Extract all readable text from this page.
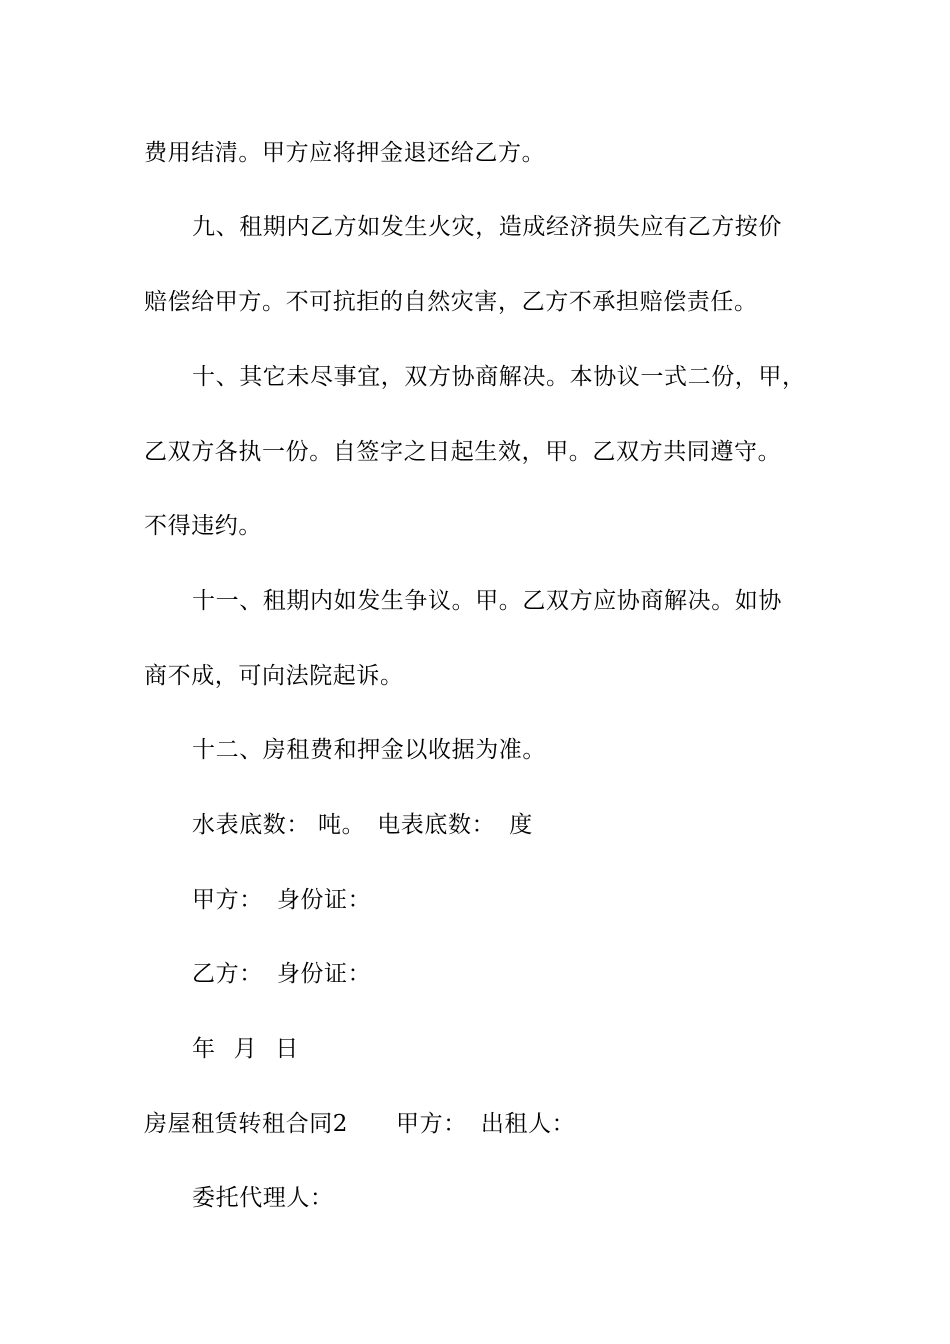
费用结清。甲方应将押金退还给乙方。
九、租期内乙方如发生火灾，造成经济损失应有乙方按价
赔偿给甲方。不可抗拒的自然灾害，乙方不承担赔偿责任。
十、其它未尽事宜，双方协商解决。本协议一式二份，甲，
乙双方各执一份。自签字之日起生效，甲。乙双方共同遵守。
不得违约。
十一、租期内如发生争议。甲。乙双方应协商解决。如协
商不成，可向法院起诉。
十二、房租费和押金以收据为准。
水表底数： 吨。 电表底数： 度
甲方： 身份证：
乙方： 身份证：
年 月 日
房屋租赁转租合同2 甲方： 出租人：
委托代理人：
